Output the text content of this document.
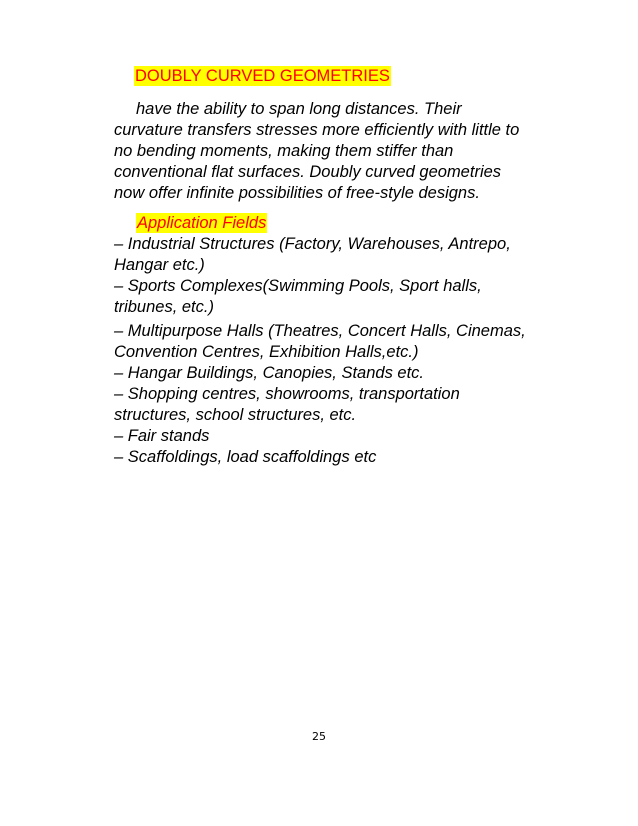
DOUBLY CURVED GEOMETRIES
have the ability to span long distances. Their
curvature transfers stresses more efficiently with little to
no bending moments, making them stiffer than
conventional flat surfaces. Doubly curved geometries
now offer infinite possibilities of free-style designs.
Application Fields
– Industrial Structures (Factory, Warehouses, Antrepo,
Hangar etc.)
– Sports Complexes(Swimming Pools, Sport halls,
tribunes, etc.)
– Multipurpose Halls (Theatres, Concert Halls, Cinemas,
Convention Centres, Exhibition Halls,etc.)
– Hangar Buildings, Canopies, Stands etc.
– Shopping centres, showrooms, transportation
structures, school structures, etc.
– Fair stands
– Scaffoldings, load scaffoldings etc
25
